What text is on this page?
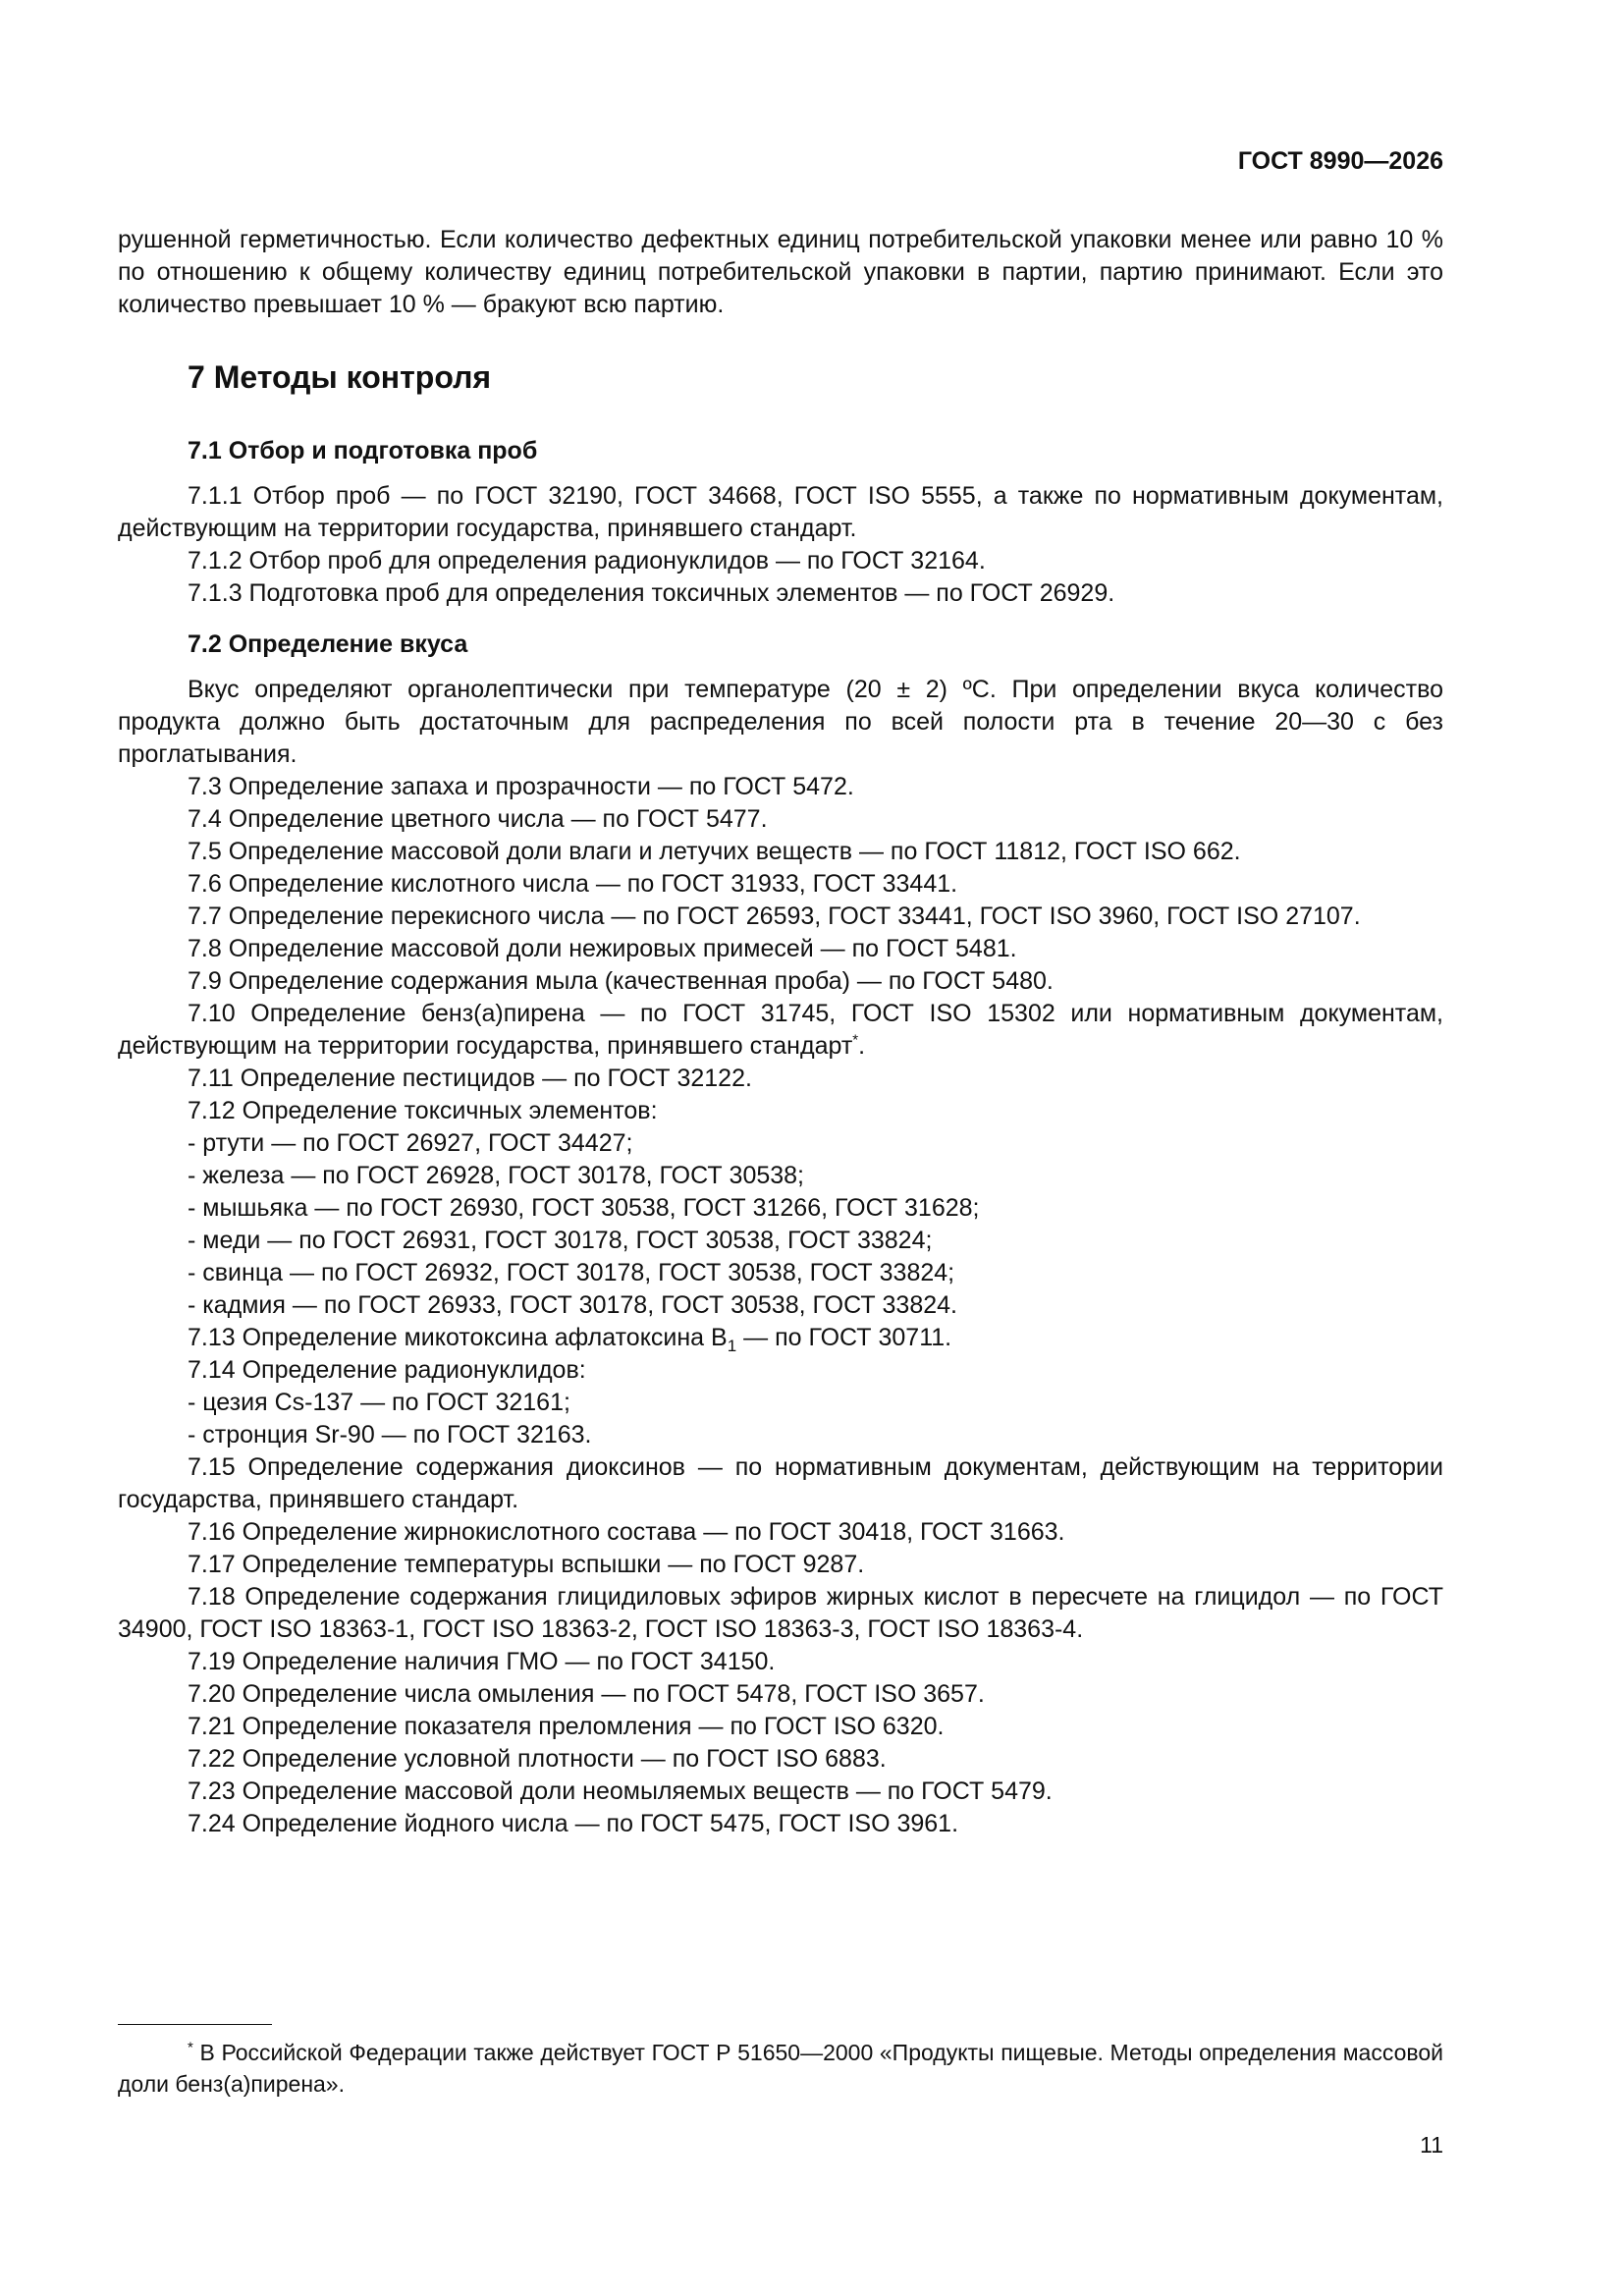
ГОСТ 8990—2026

рушенной герметичностью. Если количество дефектных единиц потребительской упаковки менее или равно 10 % по отношению к общему количеству единиц потребительской упаковки в партии, партию принимают. Если это количество превышает 10 % — бракуют всю партию.

7 Методы контроля
7.1 Отбор и подготовка проб

7.1.1 Отбор проб — по ГОСТ 32190, ГОСТ 34668, ГОСТ ISO 5555, а также по нормативным документам, действующим на территории государства, принявшего стандарт.

7.1.2 Отбор проб для определения радионуклидов — по ГОСТ 32164.

7.1.3 Подготовка проб для определения токсичных элементов — по ГОСТ 26929.

7.2 Определение вкуса

Вкус определяют органолептически при температуре (20 ± 2) ºС. При определении вкуса количество продукта должно быть достаточным для распределения по всей полости рта в течение 20—30 с без проглатывания.

7.3 Определение запаха и прозрачности — по ГОСТ 5472.

7.4 Определение цветного числа — по ГОСТ 5477.

7.5 Определение массовой доли влаги и летучих веществ — по ГОСТ 11812, ГОСТ ISO 662.

7.6 Определение кислотного числа — по ГОСТ 31933, ГОСТ 33441.

7.7 Определение перекисного числа — по ГОСТ 26593, ГОСТ 33441, ГОСТ ISO 3960, ГОСТ ISO 27107.

7.8 Определение массовой доли нежировых примесей — по ГОСТ 5481.

7.9 Определение содержания мыла (качественная проба) — по ГОСТ 5480.

7.10 Определение бенз(а)пирена — по ГОСТ 31745, ГОСТ ISO 15302 или нормативным документам, действующим на территории государства, принявшего стандарт*.

7.11 Определение пестицидов — по ГОСТ 32122.

7.12 Определение токсичных элементов:

- ртути — по ГОСТ 26927, ГОСТ 34427;

- железа — по ГОСТ 26928, ГОСТ 30178, ГОСТ 30538;

- мышьяка — по ГОСТ 26930, ГОСТ 30538, ГОСТ 31266, ГОСТ 31628;

- меди — по ГОСТ 26931, ГОСТ 30178, ГОСТ 30538, ГОСТ 33824;

- свинца — по ГОСТ 26932, ГОСТ 30178, ГОСТ 30538, ГОСТ 33824;

- кадмия — по ГОСТ 26933, ГОСТ 30178, ГОСТ 30538, ГОСТ 33824.

7.13 Определение микотоксина афлатоксина $В_1$ — по ГОСТ 30711.

7.14 Определение радионуклидов:

- цезия Cs-137 — по ГОСТ 32161;

- стронция Sr-90 — по ГОСТ 32163.

7.15 Определение содержания диоксинов — по нормативным документам, действующим на территории государства, принявшего стандарт.

7.16 Определение жирнокислотного состава — по ГОСТ 30418, ГОСТ 31663.

7.17 Определение температуры вспышки — по ГОСТ 9287.

7.18 Определение содержания глицидиловых эфиров жирных кислот в пересчете на глицидол — по ГОСТ 34900, ГОСТ ISO 18363-1, ГОСТ ISO 18363-2, ГОСТ ISO 18363-3, ГОСТ ISO 18363-4.

7.19 Определение наличия ГМО — по ГОСТ 34150.

7.20 Определение числа омыления — по ГОСТ 5478, ГОСТ ISO 3657.

7.21 Определение показателя преломления — по ГОСТ ISO 6320.

7.22 Определение условной плотности — по ГОСТ ISO 6883.

7.23 Определение массовой доли неомыляемых веществ — по ГОСТ 5479.

7.24 Определение йодного числа — по ГОСТ 5475, ГОСТ ISO 3961.

* В Российской Федерации также действует ГОСТ Р 51650—2000 «Продукты пищевые. Методы определения массовой доли бенз(а)пирена».

11
